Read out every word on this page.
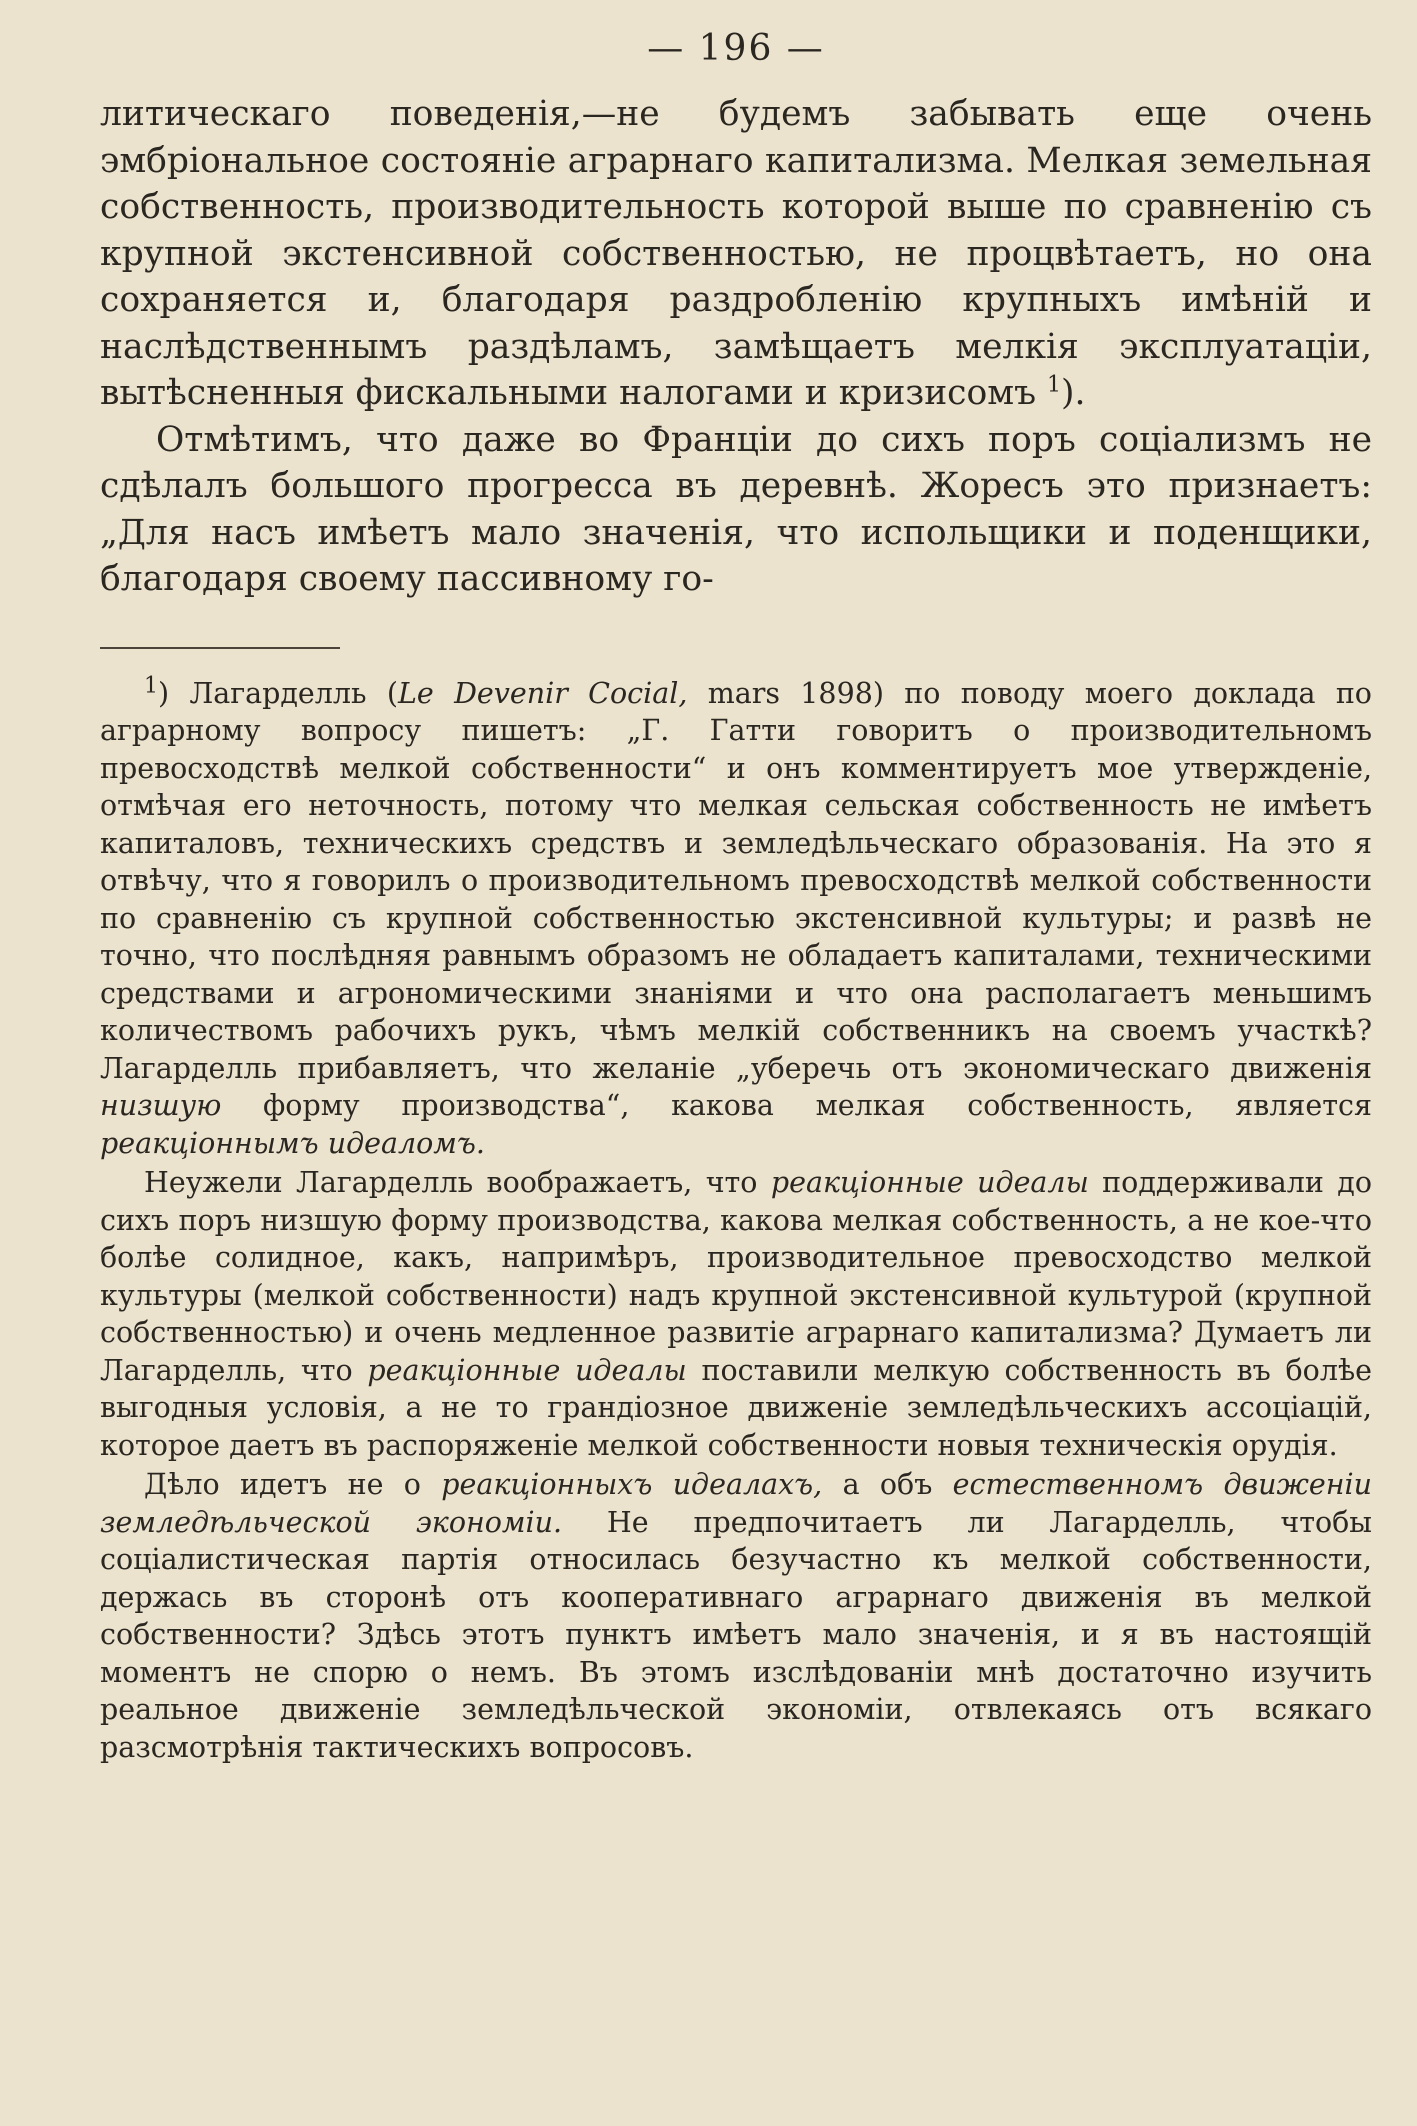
— 196 —

литическаго поведенія,—не будемъ забывать еще очень эмбріональное состояніе аграрнаго капитализма. Мелкая земельная собственность, производительность которой выше по сравненію съ крупной экстенсивной собственностью, не процвѣтаетъ, но она сохраняется и, благодаря раздробленію крупныхъ имѣній и наслѣдственнымъ раздѣламъ, замѣщаетъ мелкія эксплуатаціи, вытѣсненныя фискальными налогами и кризисомъ $^1$).

Отмѣтимъ, что даже во Франціи до сихъ поръ соціализмъ не сдѣлалъ большого прогресса въ деревнѣ. Жоресъ это признаетъ: „Для насъ имѣетъ мало значенія, что испольщики и поденщики, благодаря своему пассивному го-

$^1$) Лагарделль (Le Devenir Cocial, mars 1898) по поводу моего доклада по аграрному вопросу пишетъ: „Г. Гатти говоритъ о производительномъ превосходствѣ мелкой собственности“ и онъ комментируетъ мое утвержденіе, отмѣчая его неточность, потому что мелкая сельская собственность не имѣетъ капиталовъ, техническихъ средствъ и земледѣльческаго образованія. На это я отвѣчу, что я говорилъ о производительномъ превосходствѣ мелкой собственности по сравненію съ крупной собственностью экстенсивной культуры; и развѣ не точно, что послѣдняя равнымъ образомъ не обладаетъ капиталами, техническими средствами и агрономическими знаніями и что она располагаетъ меньшимъ количествомъ рабочихъ рукъ, чѣмъ мелкій собственникъ на своемъ участкѣ? Лагарделль прибавляетъ, что желаніе „уберечь отъ экономическаго движенія низшую форму производства“, какова мелкая собственность, является реакціоннымъ идеаломъ.

Неужели Лагарделль воображаетъ, что реакціонные идеалы поддерживали до сихъ поръ низшую форму производства, какова мелкая собственность, а не кое-что болѣе солидное, какъ, напримѣръ, производительное превосходство мелкой культуры (мелкой собственности) надъ крупной экстенсивной культурой (крупной собственностью) и очень медленное развитіе аграрнаго капитализма? Думаетъ ли Лагарделль, что реакціонные идеалы поставили мелкую собственность въ болѣе выгодныя условія, а не то грандіозное движеніе земледѣльческихъ ассоціацій, которое даетъ въ распоряженіе мелкой собственности новыя техническія орудія.

Дѣло идетъ не о реакціонныхъ идеалахъ, а объ естественномъ движеніи земледѣльческой экономіи. Не предпочитаетъ ли Лагарделль, чтобы соціалистическая партія относилась безучастно къ мелкой собственности, держась въ сторонѣ отъ кооперативнаго аграрнаго движенія въ мелкой собственности? Здѣсь этотъ пунктъ имѣетъ мало значенія, и я въ настоящій моментъ не спорю о немъ. Въ этомъ изслѣдованіи мнѣ достаточно изучить реальное движеніе земледѣльческой экономіи, отвлекаясь отъ всякаго разсмотрѣнія тактическихъ вопросовъ.
